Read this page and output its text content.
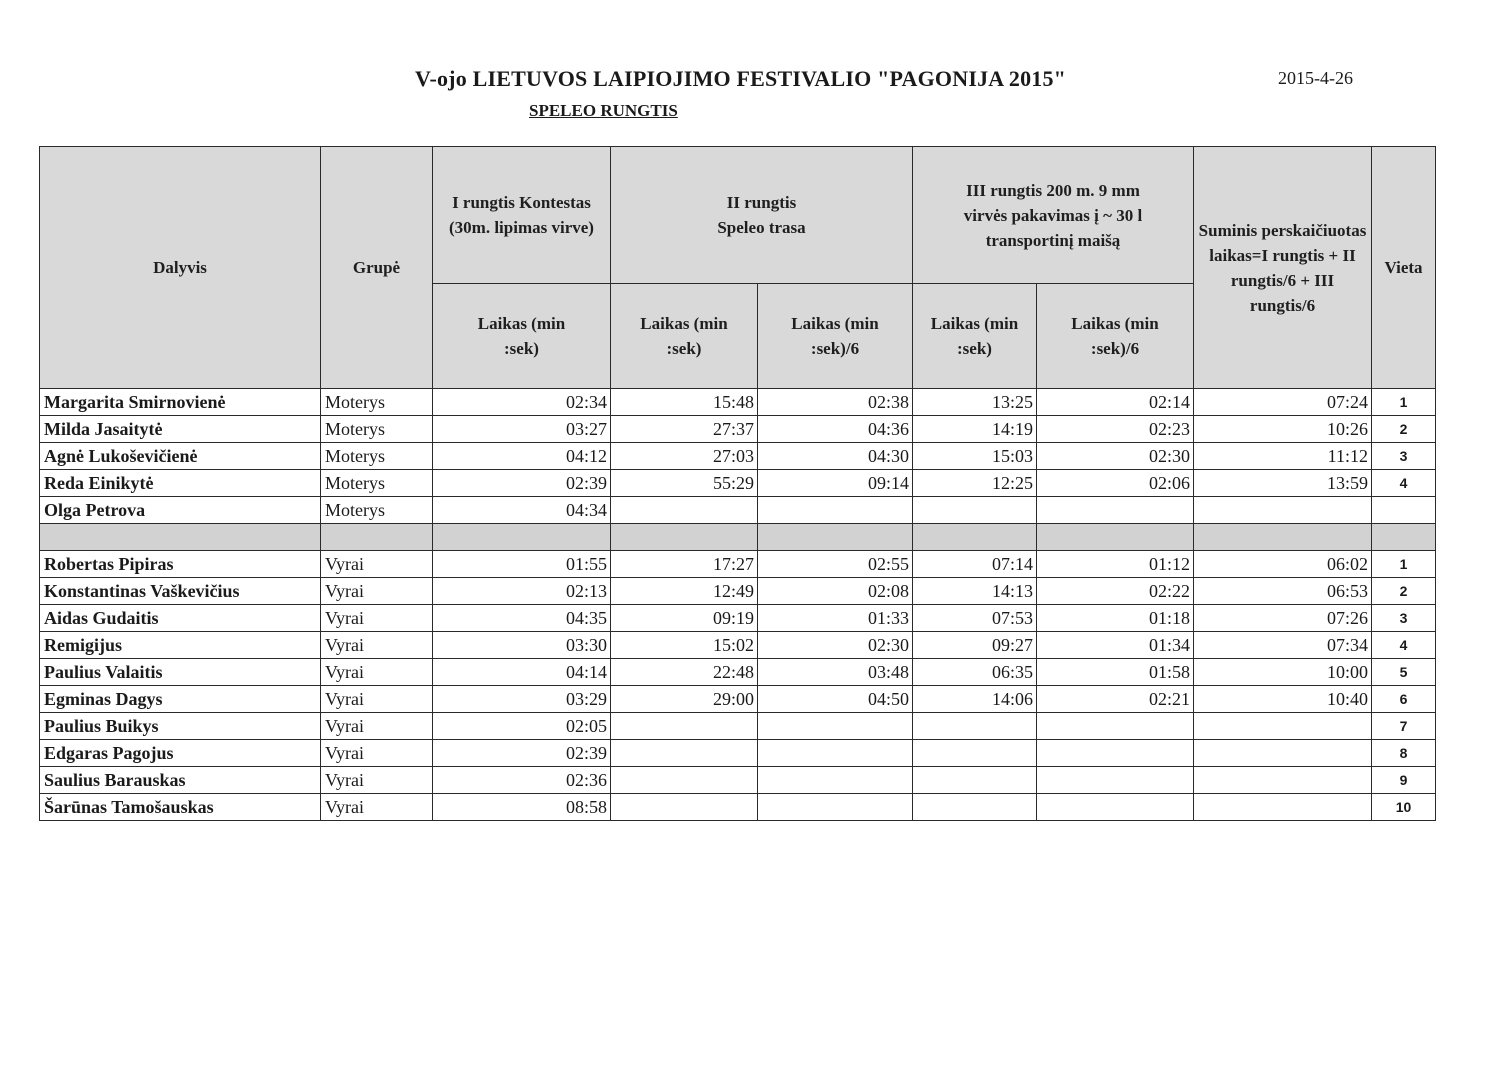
V-ojo LIETUVOS LAIPIOJIMO FESTIVALIO "PAGONIJA 2015"
SPELEO RUNGTIS
2015-4-26
Dalyvis	Grupė	I rungtis Kontestas (30m. lipimas virve)	II rungtis Speleo trasa		III rungtis 200 m. 9 mm virvės pakavimas į ~ 30 l transportinį maišą		Suminis perskaičiuotas laikas=I rungtis + II rungtis/6 + III rungtis/6	Vieta
		Laikas (min :sek)	Laikas (min :sek)	Laikas (min :sek)/6	Laikas (min :sek)	Laikas (min :sek)/6		
Margarita Smirnovienė	Moterys	02:34	15:48	02:38	13:25	02:14	07:24	1
Milda Jasaitytė	Moterys	03:27	27:37	04:36	14:19	02:23	10:26	2
Agnė Lukoševičienė	Moterys	04:12	27:03	04:30	15:03	02:30	11:12	3
Reda Einikytė	Moterys	02:39	55:29	09:14	12:25	02:06	13:59	4
Olga Petrova	Moterys	04:34						

Robertas Pipiras	Vyrai	01:55	17:27	02:55	07:14	01:12	06:02	1
Konstantinas Vaškevičius	Vyrai	02:13	12:49	02:08	14:13	02:22	06:53	2
Aidas Gudaitis	Vyrai	04:35	09:19	01:33	07:53	01:18	07:26	3
Remigijus	Vyrai	03:30	15:02	02:30	09:27	01:34	07:34	4
Paulius Valaitis	Vyrai	04:14	22:48	03:48	06:35	01:58	10:00	5
Egminas Dagys	Vyrai	03:29	29:00	04:50	14:06	02:21	10:40	6
Paulius Buikys	Vyrai	02:05						7
Edgaras Pagojus	Vyrai	02:39						8
Saulius Barauskas	Vyrai	02:36						9
Šarūnas Tamošauskas	Vyrai	08:58						10
